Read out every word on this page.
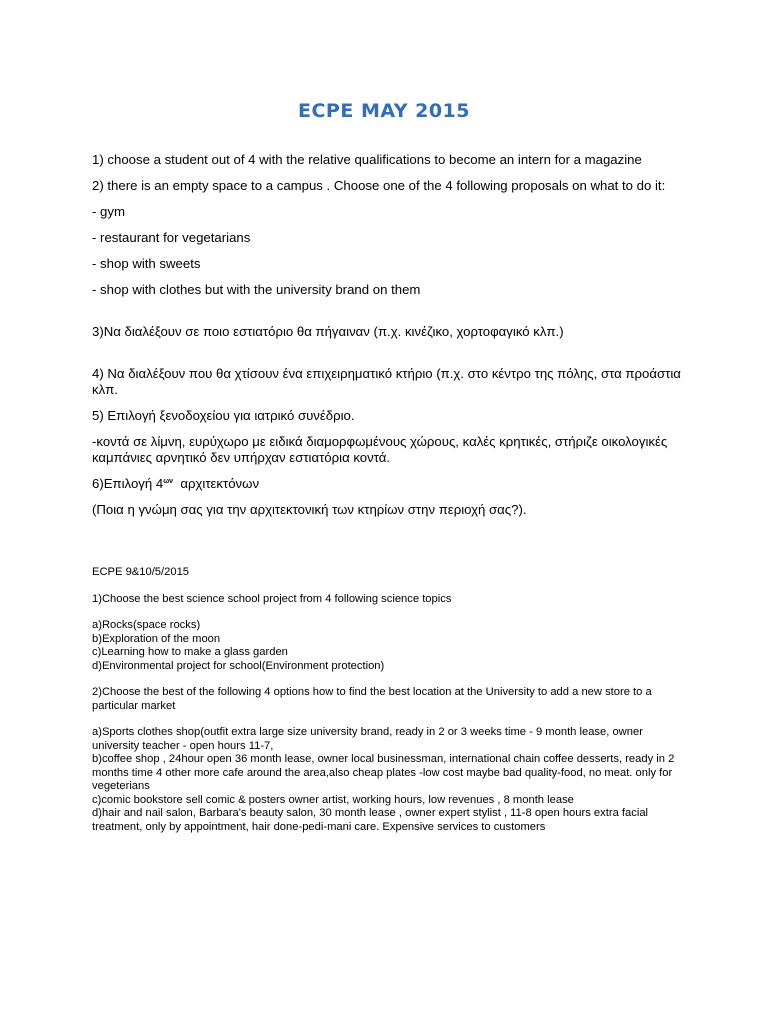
ECPE MAY 2015

1) choose a student out of 4 with the relative qualifications to become an intern for a magazine

2) there is an empty space to a campus . Choose one of the 4 following proposals on what to do it:

- gym

- restaurant for vegetarians

- shop with sweets

- shop with clothes but with the university brand on them

3)Να διαλέξουν σε ποιο εστιατόριο θα πήγαιναν (π.χ. κινέζικο, χορτοφαγικό κλπ.)

4) Να διαλέξουν που θα χτίσουν ένα επιχειρηματικό κτήριο (π.χ. στο κέντρο της πόλης, στα προάστια κλπ.

5) Επιλογή ξενοδοχείου για ιατρικό συνέδριο.

-κοντά σε λίμνη, ευρύχωρο με ειδικά διαμορφωμένους χώρους, καλές κρητικές, στήριζε οικολογικές καμπάνιες αρνητικό δεν υπήρχαν εστιατόρια κοντά.

6)Επιλογή $4^{\omega\nu}$  αρχιτεκτόνων

(Ποια η γνώμη σας για την αρχιτεκτονική των κτηρίων στην περιοχή σας?).

ECPE 9&10/5/2015

1)Choose the best science school project from 4 following science topics

a)Rocks(space rocks)
b)Exploration of the moon
c)Learning how to make a glass garden
d)Environmental project for school(Environment protection)

2)Choose the best of the following 4 options how to find the best location at the University to add a new store to a particular market

a)Sports clothes shop(outfit extra large size university brand, ready in 2 or 3 weeks time - 9 month lease, owner university teacher - open hours 11-7,
b)coffee shop , 24hour open 36 month lease, owner local businessman, international chain coffee desserts, ready in 2 months time 4 other more cafe around the area,also cheap plates -low cost maybe bad quality-food, no meat. only for vegeterians
c)comic bookstore sell comic & posters owner artist, working hours, low revenues , 8 month lease
d)hair and nail salon, Barbara's beauty salon, 30 month lease , owner expert stylist , 11-8 open hours extra facial treatment, only by appointment, hair done-pedi-mani care. Expensive services to customers
